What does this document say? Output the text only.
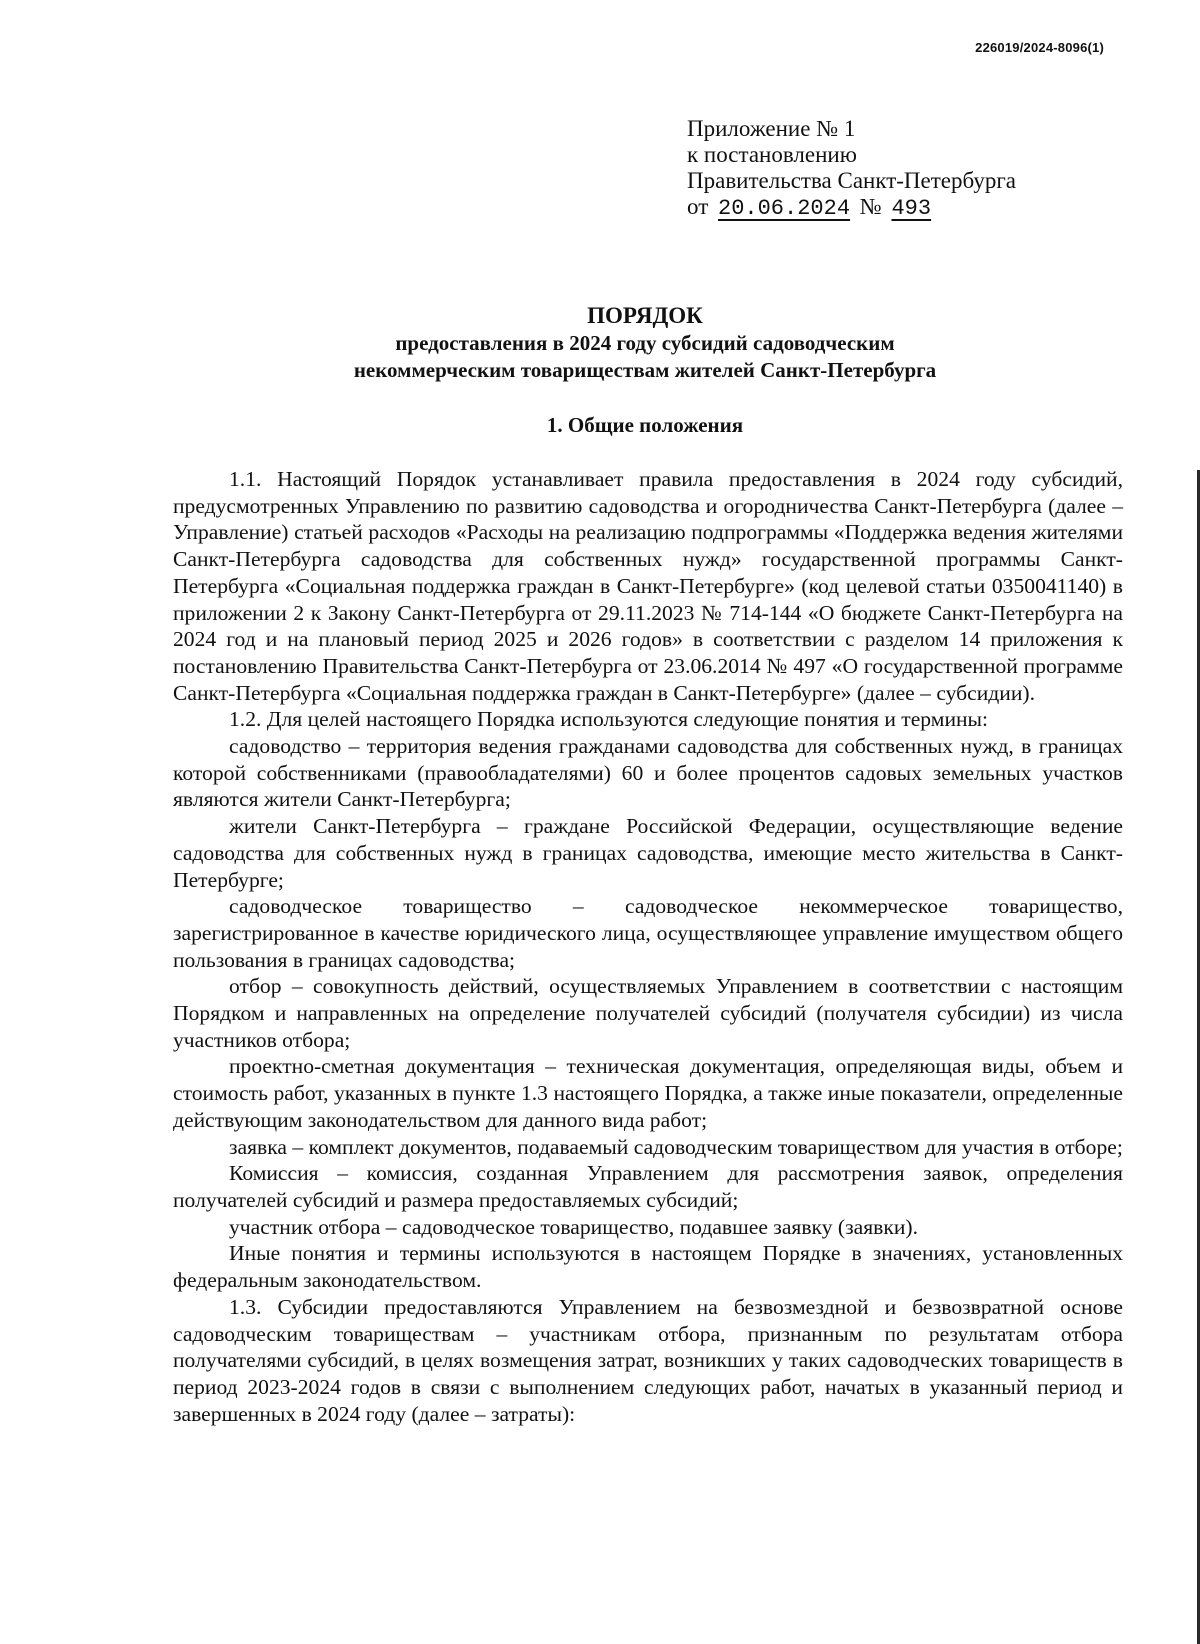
226019/2024-8096(1)
Приложение № 1
к постановлению
Правительства Санкт-Петербурга
от 20.06.2024 № 493
ПОРЯДОК
предоставления в 2024 году субсидий садоводческим
некоммерческим товариществам жителей Санкт-Петербурга
1. Общие положения

1.1. Настоящий Порядок устанавливает правила предоставления в 2024 году субсидий, предусмотренных Управлению по развитию садоводства и огородничества Санкт-Петербурга (далее – Управление) статьей расходов «Расходы на реализацию подпрограммы «Поддержка ведения жителями Санкт-Петербурга садоводства для собственных нужд» государственной программы Санкт-Петербурга «Социальная поддержка граждан в Санкт-Петербурге» (код целевой статьи 0350041140) в приложении 2 к Закону Санкт-Петербурга от 29.11.2023 № 714-144 «О бюджете Санкт-Петербурга на 2024 год и на плановый период 2025 и 2026 годов» в соответствии с разделом 14 приложения к постановлению Правительства Санкт-Петербурга от 23.06.2014 № 497 «О государственной программе Санкт-Петербурга «Социальная поддержка граждан в Санкт-Петербурге» (далее – субсидии).

1.2. Для целей настоящего Порядка используются следующие понятия и термины:

садоводство – территория ведения гражданами садоводства для собственных нужд, в границах которой собственниками (правообладателями) 60 и более процентов садовых земельных участков являются жители Санкт-Петербурга;

жители Санкт-Петербурга – граждане Российской Федерации, осуществляющие ведение садоводства для собственных нужд в границах садоводства, имеющие место жительства в Санкт-Петербурге;

садоводческое товарищество – садоводческое некоммерческое товарищество, зарегистрированное в качестве юридического лица, осуществляющее управление имуществом общего пользования в границах садоводства;

отбор – совокупность действий, осуществляемых Управлением в соответствии с настоящим Порядком и направленных на определение получателей субсидий (получателя субсидии) из числа участников отбора;

проектно-сметная документация – техническая документация, определяющая виды, объем и стоимость работ, указанных в пункте 1.3 настоящего Порядка, а также иные показатели, определенные действующим законодательством для данного вида работ;

заявка – комплект документов, подаваемый садоводческим товариществом для участия в отборе;

Комиссия – комиссия, созданная Управлением для рассмотрения заявок, определения получателей субсидий и размера предоставляемых субсидий;

участник отбора – садоводческое товарищество, подавшее заявку (заявки).

Иные понятия и термины используются в настоящем Порядке в значениях, установленных федеральным законодательством.

1.3. Субсидии предоставляются Управлением на безвозмездной и безвозвратной основе садоводческим товариществам – участникам отбора, признанным по результатам отбора получателями субсидий, в целях возмещения затрат, возникших у таких садоводческих товариществ в период 2023-2024 годов в связи с выполнением следующих работ, начатых в указанный период и завершенных в 2024 году (далее – затраты):
